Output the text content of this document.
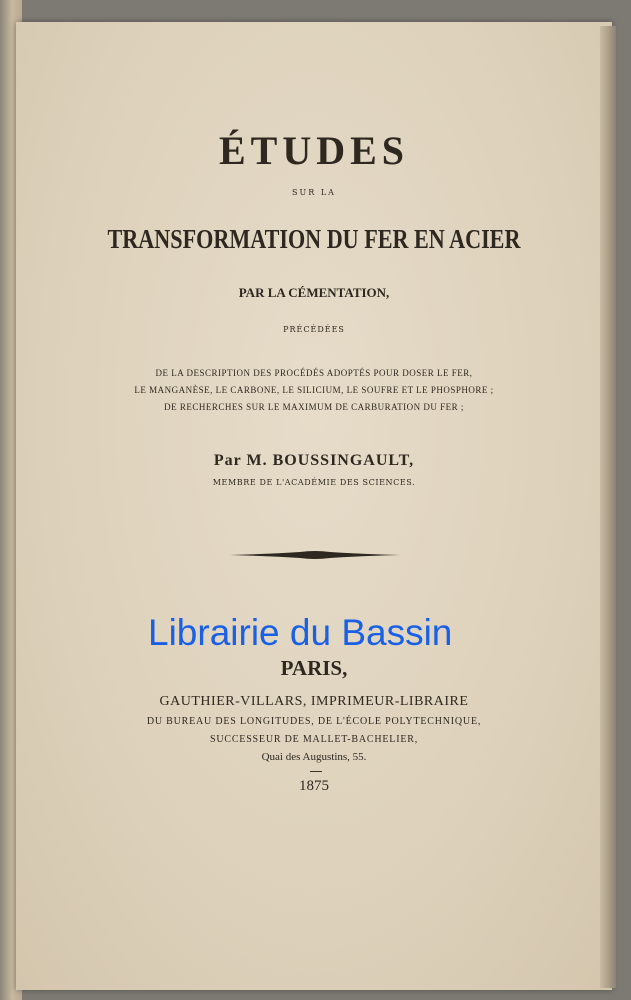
ÉTUDES
SUR LA
TRANSFORMATION DU FER EN ACIER
PAR LA CÉMENTATION,
PRÉCÉDÉES
DE LA DESCRIPTION DES PROCÉDÉS ADOPTÉS POUR DOSER LE FER,
LE MANGANÈSE, LE CARBONE, LE SILICIUM, LE SOUFRE ET LE PHOSPHORE ;
DE RECHERCHES SUR LE MAXIMUM DE CARBURATION DU FER ;
Par M. BOUSSINGAULT,
MEMBRE DE L'ACADÉMIE DES SCIENCES.
Librairie du Bassin
PARIS,
GAUTHIER-VILLARS, IMPRIMEUR-LIBRAIRE
DU BUREAU DES LONGITUDES, DE L'ÉCOLE POLYTECHNIQUE,
SUCCESSEUR DE MALLET-BACHELIER,
Quai des Augustins, 55.
1875
